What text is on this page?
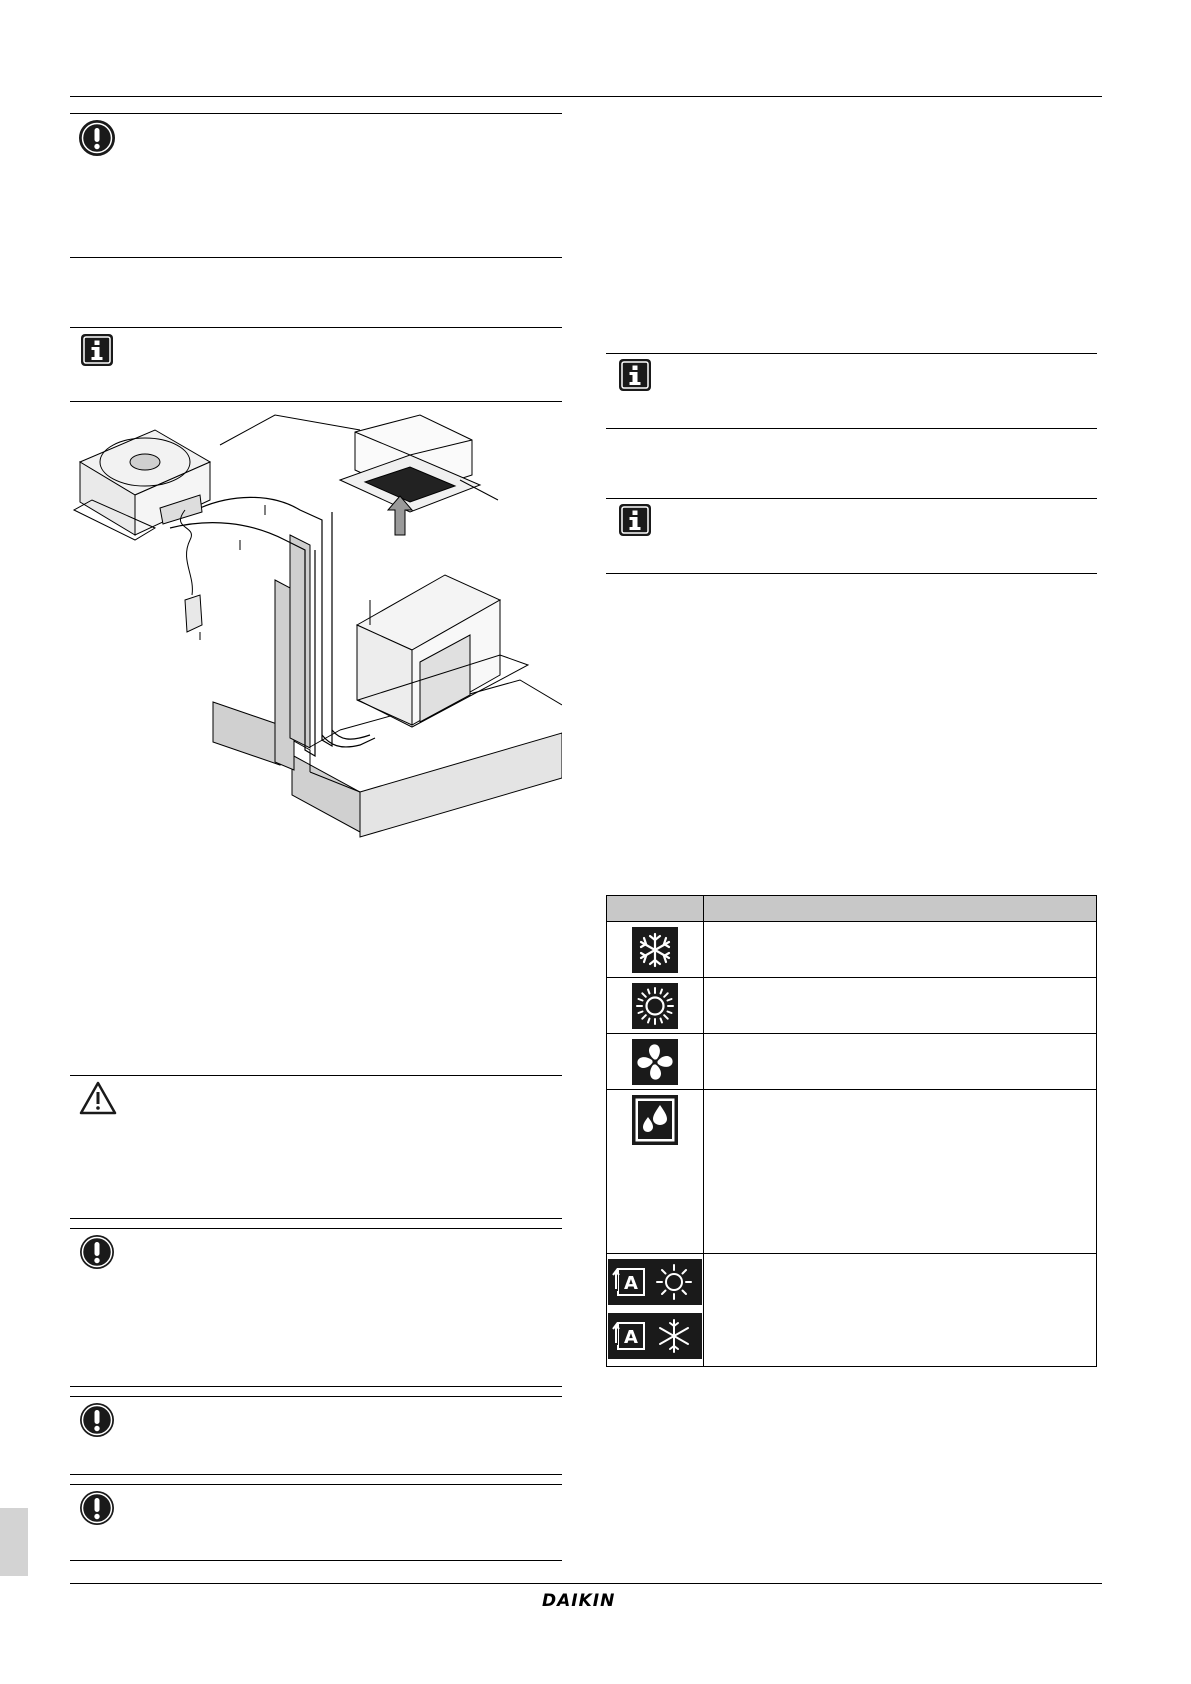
A

A	

DAIKIN
